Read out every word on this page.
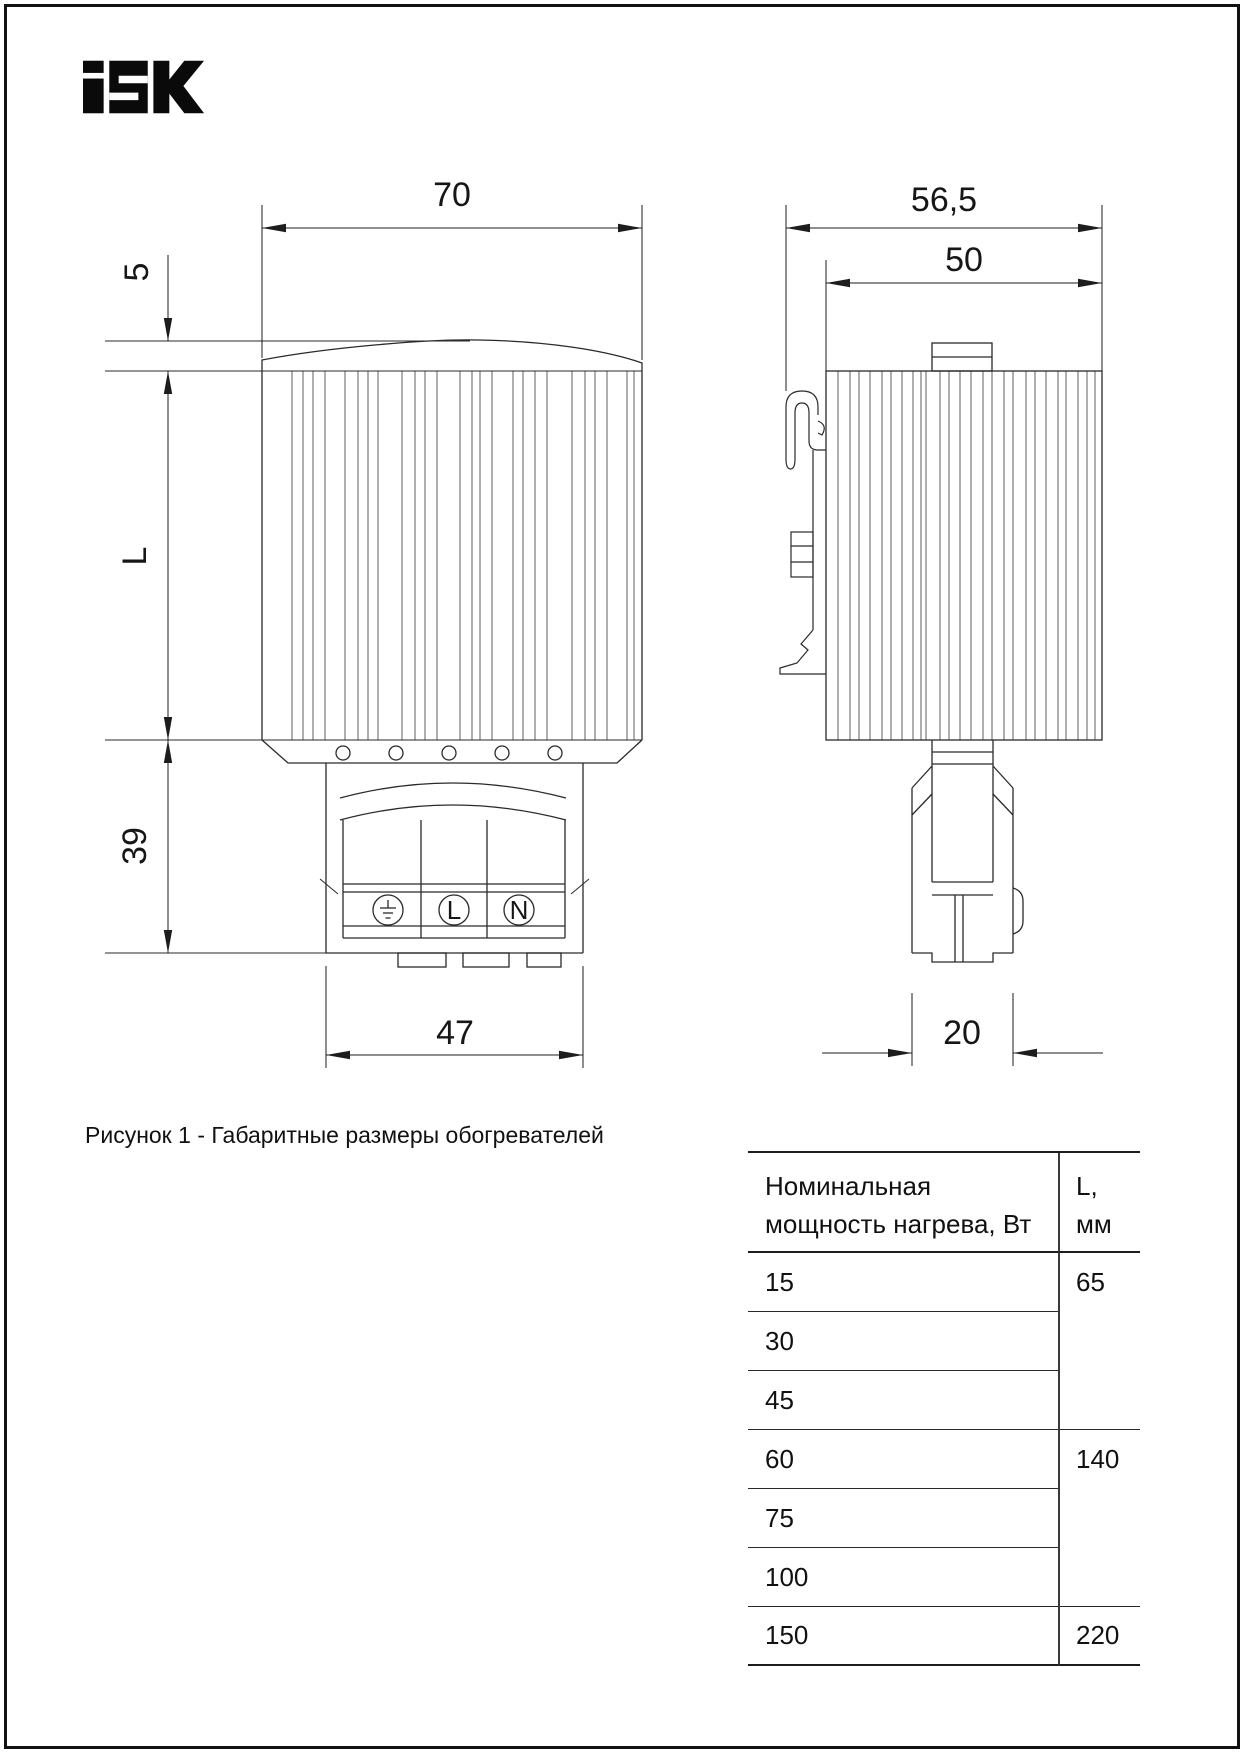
L N
70
5
L
39
47
56,5
50
20
Рисунок 1 - Габаритные размеры обогревателей
Номинальная
мощность нагрева, Вт
L, мм
15	65
30
45
60	140
75
100
150	220
